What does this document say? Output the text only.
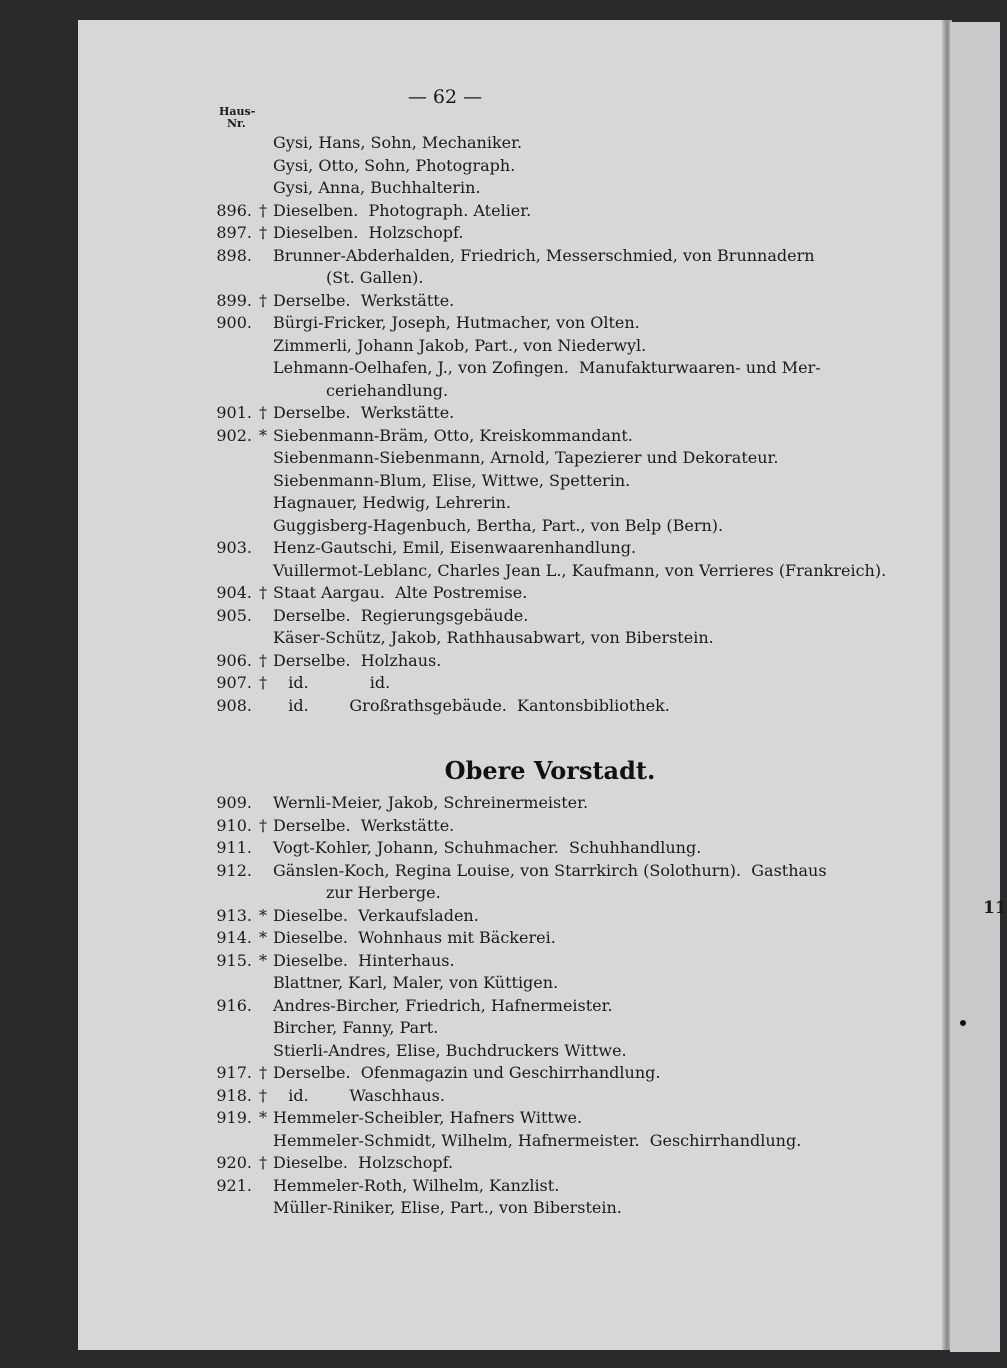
11
— 62 —
Haus-
Nr.
Gysi, Hans, Sohn, Mechaniker.
Gysi, Otto, Sohn, Photograph.
Gysi, Anna, Buchhalterin.
896. † Dieselben.  Photograph. Atelier.
897. † Dieselben.  Holzschopf.
898. Brunner-Abderhalden, Friedrich, Messerschmied, von Brunnadern
(St. Gallen).
899. † Derselbe.  Werkstätte.
900. Bürgi-Fricker, Joseph, Hutmacher, von Olten.
Zimmerli, Johann Jakob, Part., von Niederwyl.
Lehmann-Oelhafen, J., von Zofingen.  Manufakturwaaren- und Mer-
ceriehandlung.
901. † Derselbe.  Werkstätte.
902. * Siebenmann-Bräm, Otto, Kreiskommandant.
Siebenmann-Siebenmann, Arnold, Tapezierer und Dekorateur.
Siebenmann-Blum, Elise, Wittwe, Spetterin.
Hagnauer, Hedwig, Lehrerin.
Guggisberg-Hagenbuch, Bertha, Part., von Belp (Bern).
903. Henz-Gautschi, Emil, Eisenwaarenhandlung.
Vuillermot-Leblanc, Charles Jean L., Kaufmann, von Verrieres (Frankreich).
904. † Staat Aargau.  Alte Postremise.
905. Derselbe.  Regierungsgebäude.
Käser-Schütz, Jakob, Rathhausabwart, von Biberstein.
906. † Derselbe.  Holzhaus.
907. † id.            id.
908. id.        Großrathsgebäude.  Kantonsbibliothek.
Obere Vorstadt.
909. Wernli-Meier, Jakob, Schreinermeister.
910. † Derselbe.  Werkstätte.
911. Vogt-Kohler, Johann, Schuhmacher.  Schuhhandlung.
912. Gänslen-Koch, Regina Louise, von Starrkirch (Solothurn).  Gasthaus
zur Herberge.
913. * Dieselbe.  Verkaufsladen.
914. * Dieselbe.  Wohnhaus mit Bäckerei.
915. * Dieselbe.  Hinterhaus.
Blattner, Karl, Maler, von Küttigen.
916. Andres-Bircher, Friedrich, Hafnermeister.
Bircher, Fanny, Part.
Stierli-Andres, Elise, Buchdruckers Wittwe.
917. † Derselbe.  Ofenmagazin und Geschirrhandlung.
918. † id.        Waschhaus.
919. * Hemmeler-Scheibler, Hafners Wittwe.
Hemmeler-Schmidt, Wilhelm, Hafnermeister.  Geschirrhandlung.
920. † Dieselbe.  Holzschopf.
921. Hemmeler-Roth, Wilhelm, Kanzlist.
Müller-Riniker, Elise, Part., von Biberstein.
